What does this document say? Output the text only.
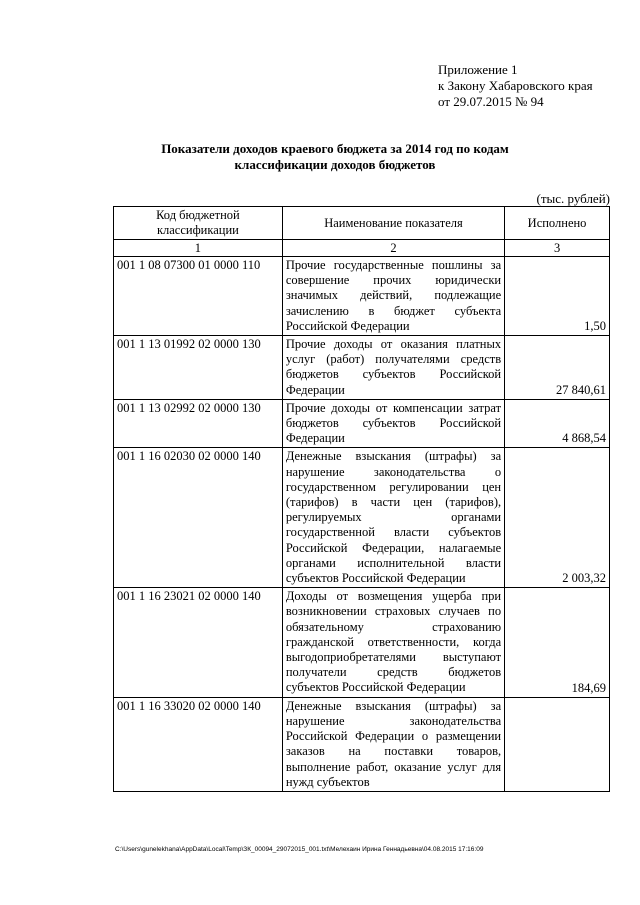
Приложение 1
к Закону Хабаровского края
от 29.07.2015 № 94
Показатели доходов краевого бюджета за 2014 год по кодам
классификации доходов бюджетов
(тыс. рублей)
Код бюджетной классификации	Наименование показателя	Исполнено
1	2	3
001 1 08 07300 01 0000 110	Прочие государственные пошлины за совершение прочих юридически значимых действий, подлежащие зачислению в бюджет субъекта Российской Федерации	1,50
001 1 13 01992 02 0000 130	Прочие доходы от оказания платных услуг (работ) получателями средств бюджетов субъектов Российской Федерации	27 840,61
001 1 13 02992 02 0000 130	Прочие доходы от компенсации затрат бюджетов субъектов Российской Федерации	4 868,54
001 1 16 02030 02 0000 140	Денежные взыскания (штрафы) за нарушение законодательства о государственном регулировании цен (тарифов) в части цен (тарифов), регулируемых органами государственной власти субъектов Российской Федерации, налагаемые органами исполнительной власти субъектов Российской Федерации	2 003,32
001 1 16 23021 02 0000 140	Доходы от возмещения ущерба при возникновении страховых случаев по обязательному страхованию гражданской ответственности, когда выгодоприобретателями выступают получатели средств бюджетов субъектов Российской Федерации	184,69
001 1 16 33020 02 0000 140	Денежные взыскания (штрафы) за нарушение законодательства Российской Федерации о размещении заказов на поставки товаров, выполнение работ, оказание услуг для нужд субъектов	
C:\Users\gunelekhana\AppData\Local\Temp\ЗК_00094_29072015_001.txt\Мелехаин Ирина Геннадьевна\04.08.2015 17:16:09
